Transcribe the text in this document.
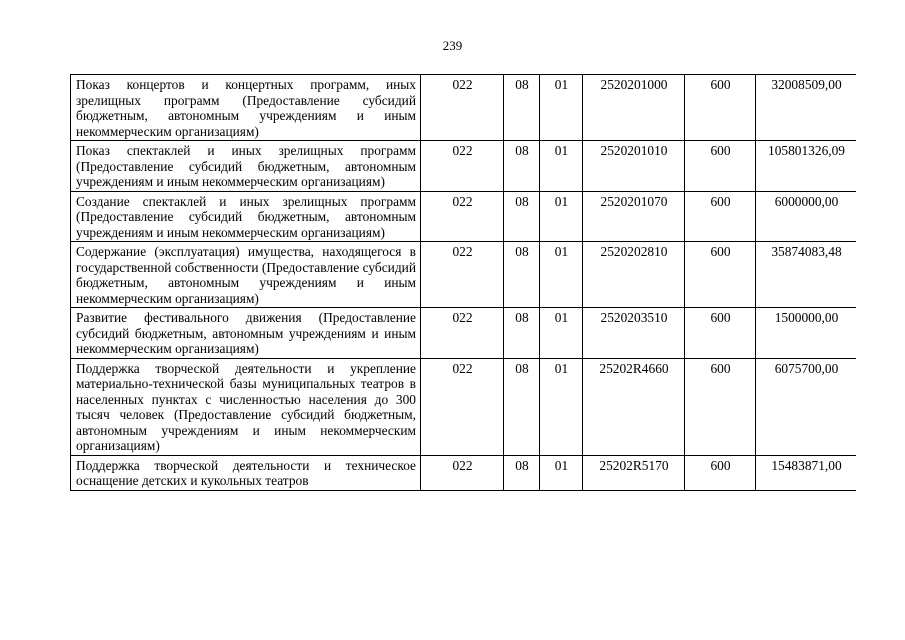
239
Показ концертов и концертных программ, иных зрелищных программ (Предоставление субсидий бюджетным, автономным учреждениям и иным некоммерческим организациям)	022	08	01	2520201000	600	32008509,00
Показ спектаклей и иных зрелищных программ (Предоставление субсидий бюджетным, автономным учреждениям и иным некоммерческим организациям)	022	08	01	2520201010	600	105801326,09
Создание спектаклей и иных зрелищных программ (Предоставление субсидий бюджетным, автономным учреждениям и иным некоммерческим организациям)	022	08	01	2520201070	600	6000000,00
Содержание (эксплуатация) имущества, находящегося в государственной собственности (Предоставление субсидий бюджетным, автономным учреждениям и иным некоммерческим организациям)	022	08	01	2520202810	600	35874083,48
Развитие фестивального движения (Предоставление субсидий бюджетным, автономным учреждениям и иным некоммерческим организациям)	022	08	01	2520203510	600	1500000,00
Поддержка творческой деятельности и укрепление материально-технической базы муниципальных театров в населенных пунктах с численностью населения до 300 тысяч человек (Предоставление субсидий бюджетным, автономным учреждениям и иным некоммерческим организациям)	022	08	01	25202R4660	600	6075700,00
Поддержка творческой деятельности и техническое оснащение детских и кукольных театров	022	08	01	25202R5170	600	15483871,00
